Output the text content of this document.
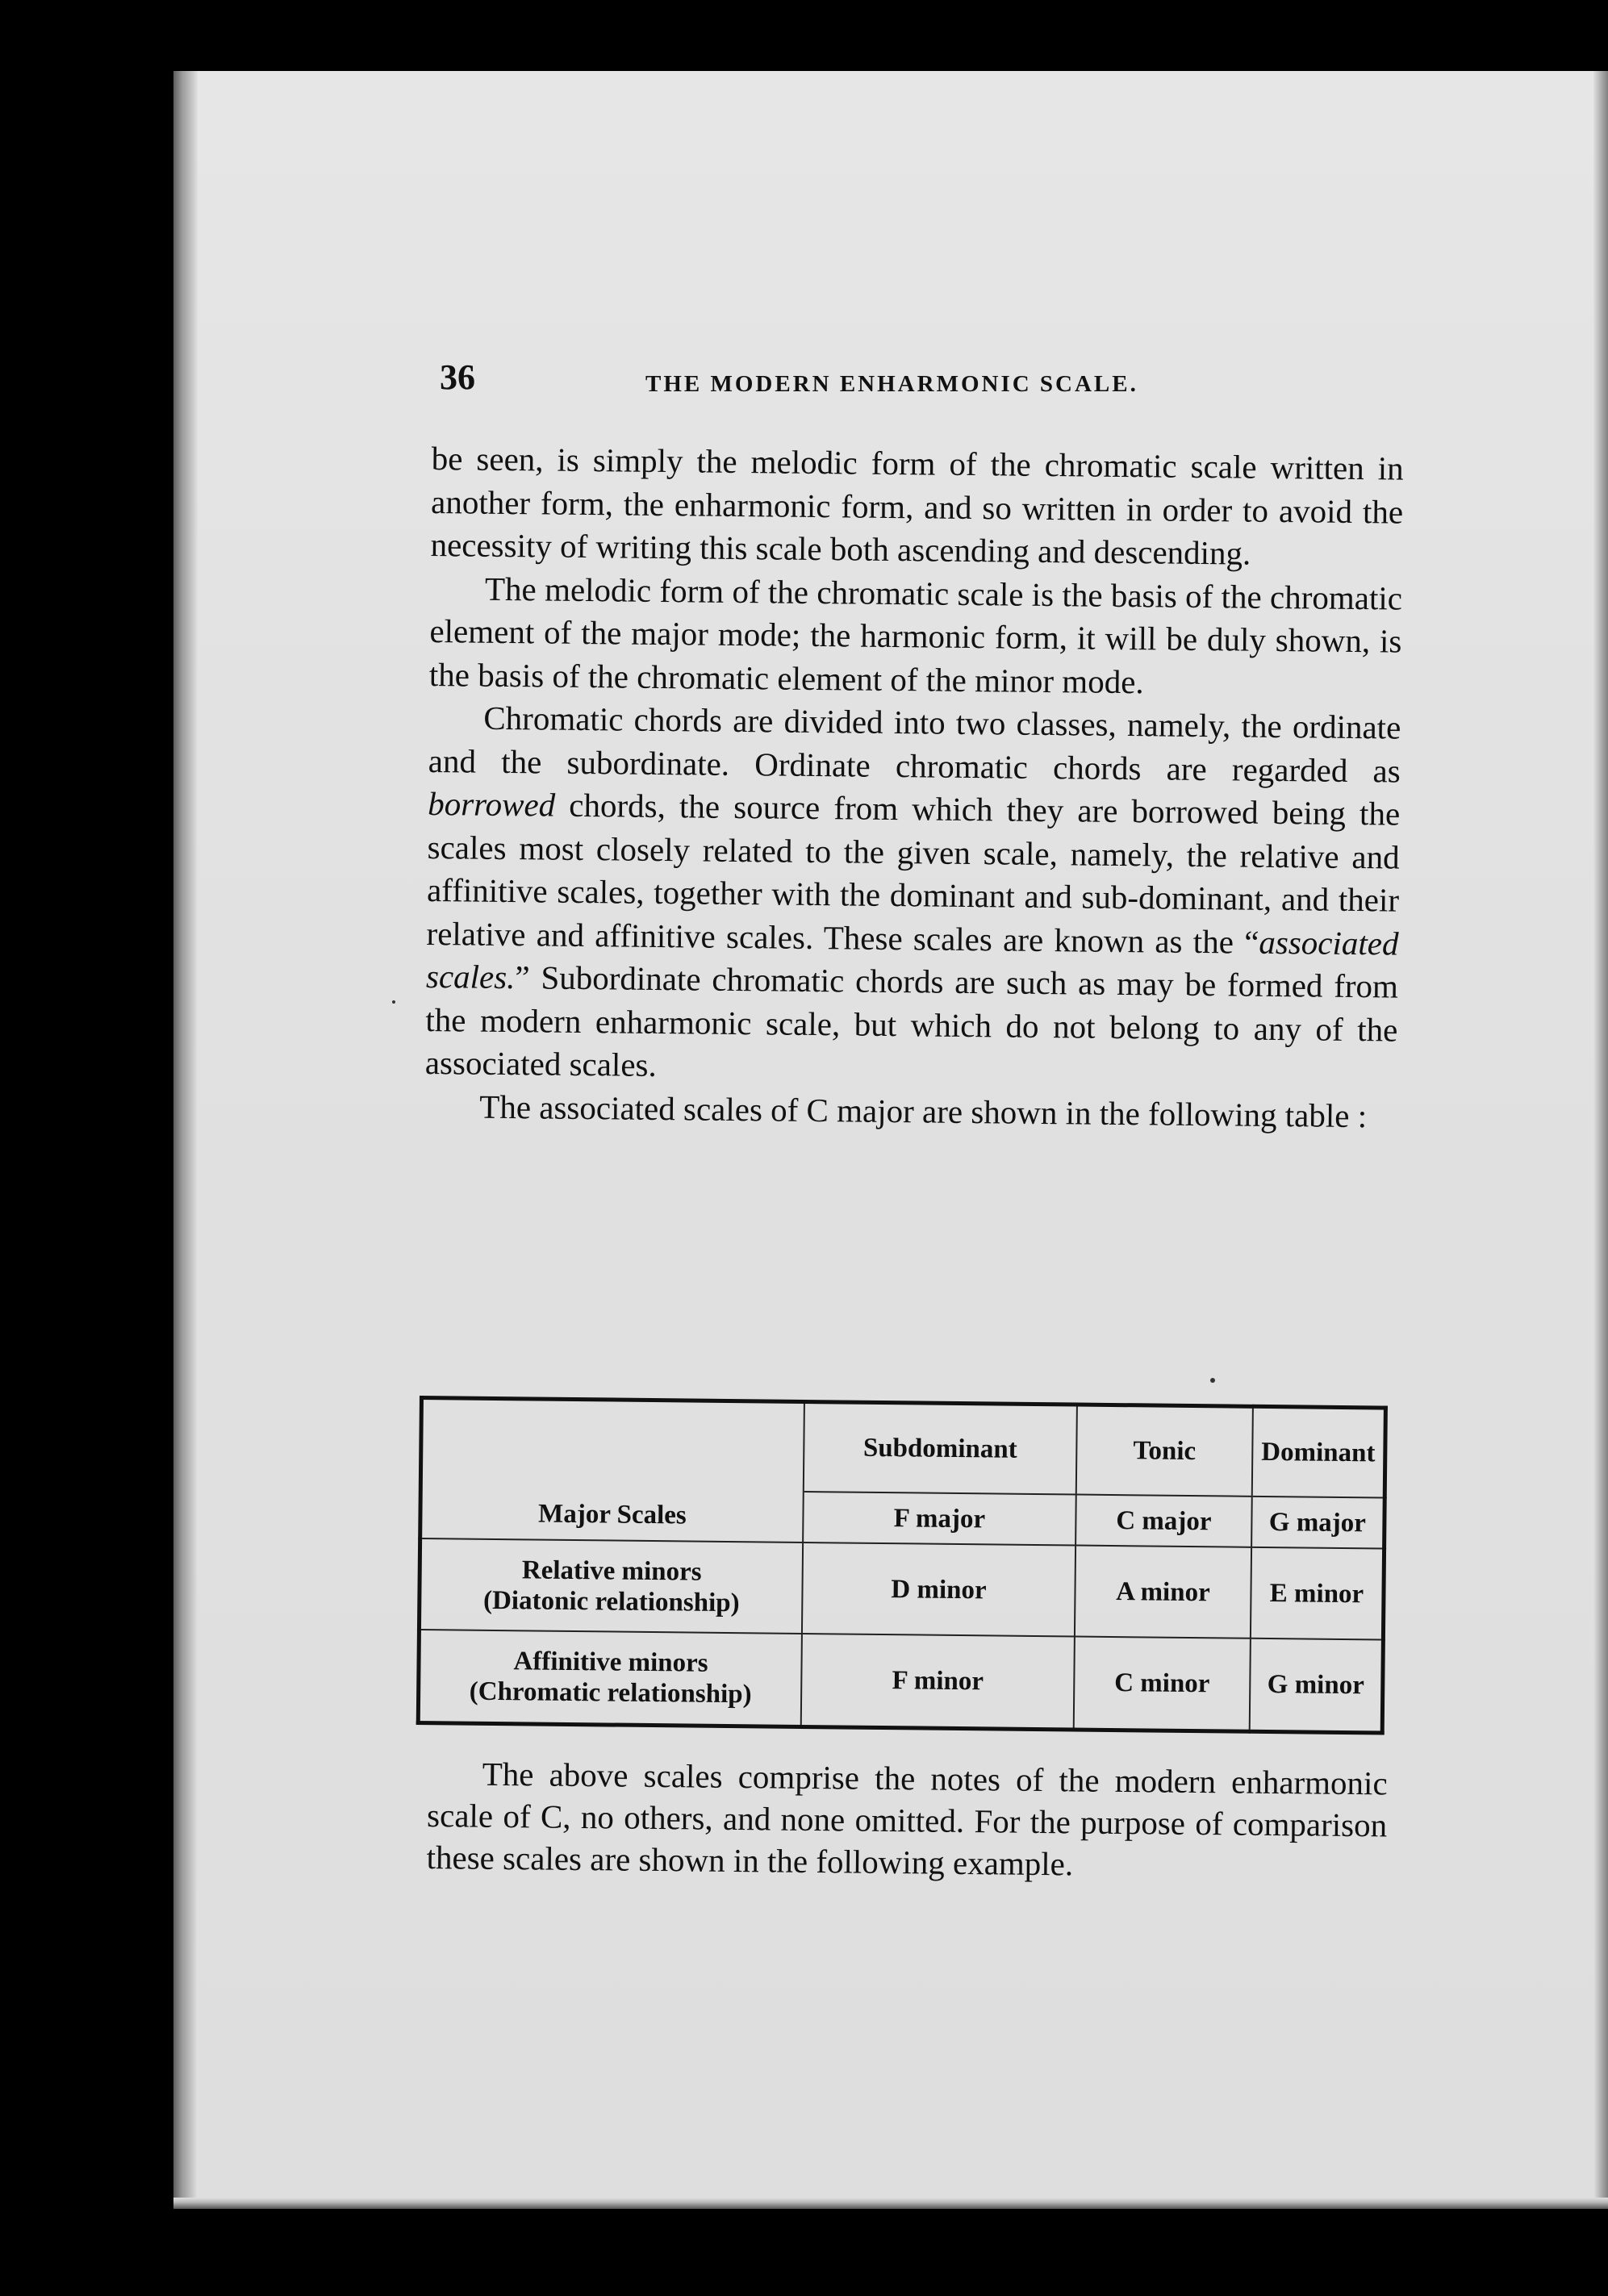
36	THE MODERN ENHARMONIC SCALE.

be seen, is simply the melodic form of the chromatic scale written in another form, the enharmonic form, and so written in order to avoid the necessity of writing this scale both ascending and descending.

The melodic form of the chromatic scale is the basis of the chromatic element of the major mode; the harmonic form, it will be duly shown, is the basis of the chromatic element of the minor mode.

Chromatic chords are divided into two classes, namely, the ordinate and the subordinate. Ordinate chromatic chords are regarded as borrowed chords, the source from which they are borrowed being the scales most closely related to the given scale, namely, the relative and affinitive scales, together with the dominant and sub-dominant, and their relative and affinitive scales. These scales are known as the “associated scales.” Subordinate chromatic chords are such as may be formed from the modern enharmonic scale, but which do not belong to any of the associated scales.

The associated scales of C major are shown in the following table :

	Subdominant	Tonic	Dominant
Major Scales	F major	C major	G major
Relative minors
(Diatonic relationship)	D minor	A minor	E minor
Affinitive minors
(Chromatic relationship)	F minor	C minor	G minor

The above scales comprise the notes of the modern enharmonic scale of C, no others, and none omitted. For the purpose of comparison these scales are shown in the following example.
